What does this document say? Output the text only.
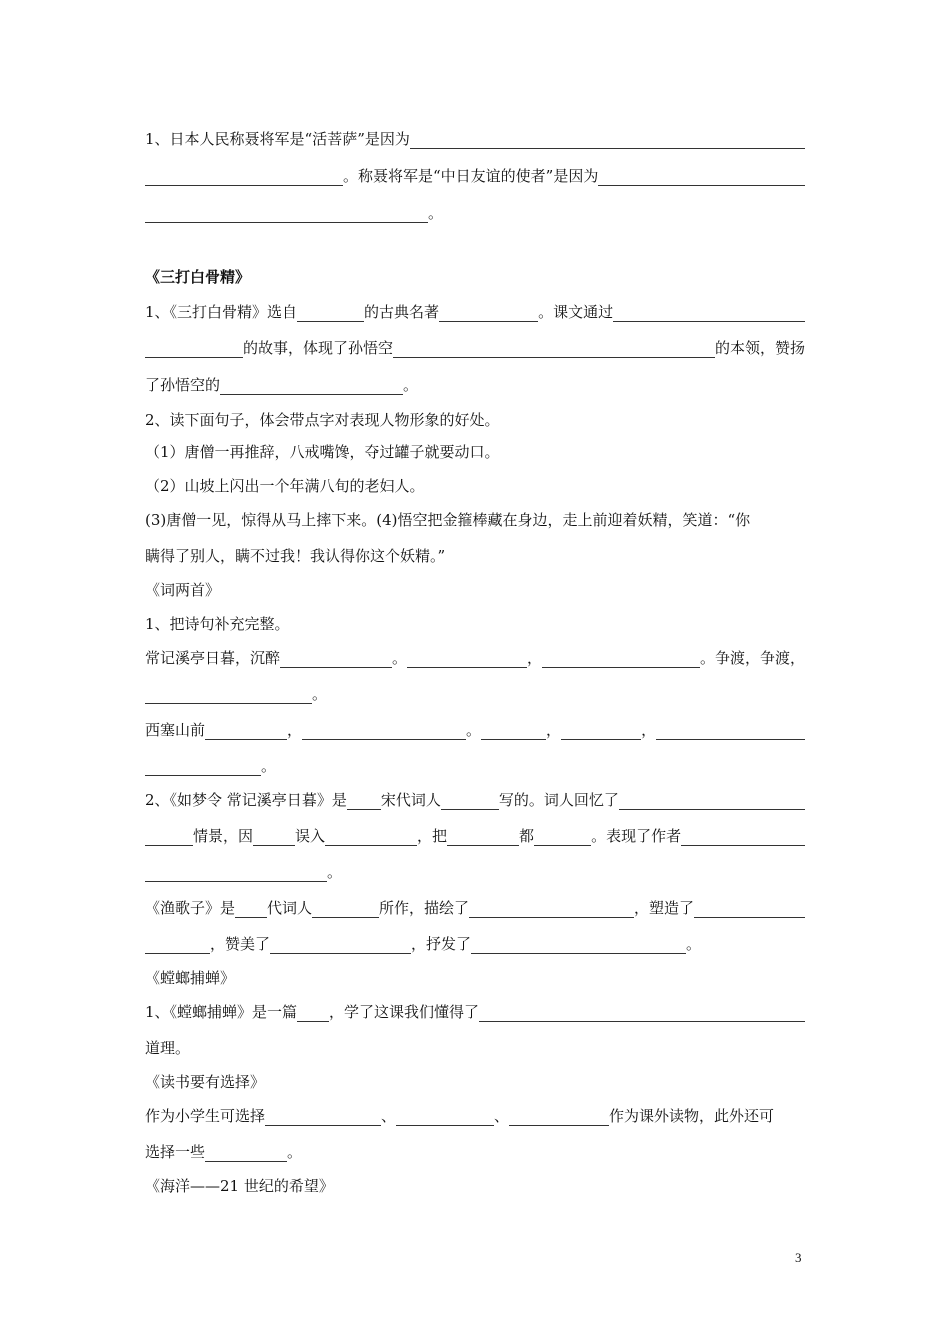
1、日本人民称聂将军是“活菩萨”是因为
。称聂将军是“中日友谊的使者”是因为
。
《三打白骨精》
1、《三打白骨精》选自	的古典名著	。课文通过
的故事，体现了孙悟空	的本领，赞扬
了孙悟空的	。
2、读下面句子，体会带点字对表现人物形象的好处。
（1）唐僧一再推辞，八戒嘴馋，夺过罐子就要动口。
（2）山坡上闪出一个年满八旬的老妇人。
(3)唐僧一见，惊得从马上摔下来。(4)悟空把金箍棒藏在身边，走上前迎着妖精，笑道：“你
瞒得了别人，瞒不过我！我认得你这个妖精。”
《词两首》
1、把诗句补充完整。
常记溪亭日暮，沉醉	。	，	。争渡，争渡，
。
西塞山前	，	。	，	，
。
2、《如梦令 常记溪亭日暮》是 宋代词人	写的。词人回忆了
情景，因	误入	，把	都	。表现了作者
。
《渔歌子》是 代词人	所作，描绘了	，塑造了
，赞美了	，抒发了	。
《螳螂捕蝉》
1、《螳螂捕蝉》是一篇 ，学了这课我们懂得了
道理。
《读书要有选择》
作为小学生可选择	、	、	作为课外读物，此外还可
选择一些	。
《海洋——21 世纪的希望》
3
